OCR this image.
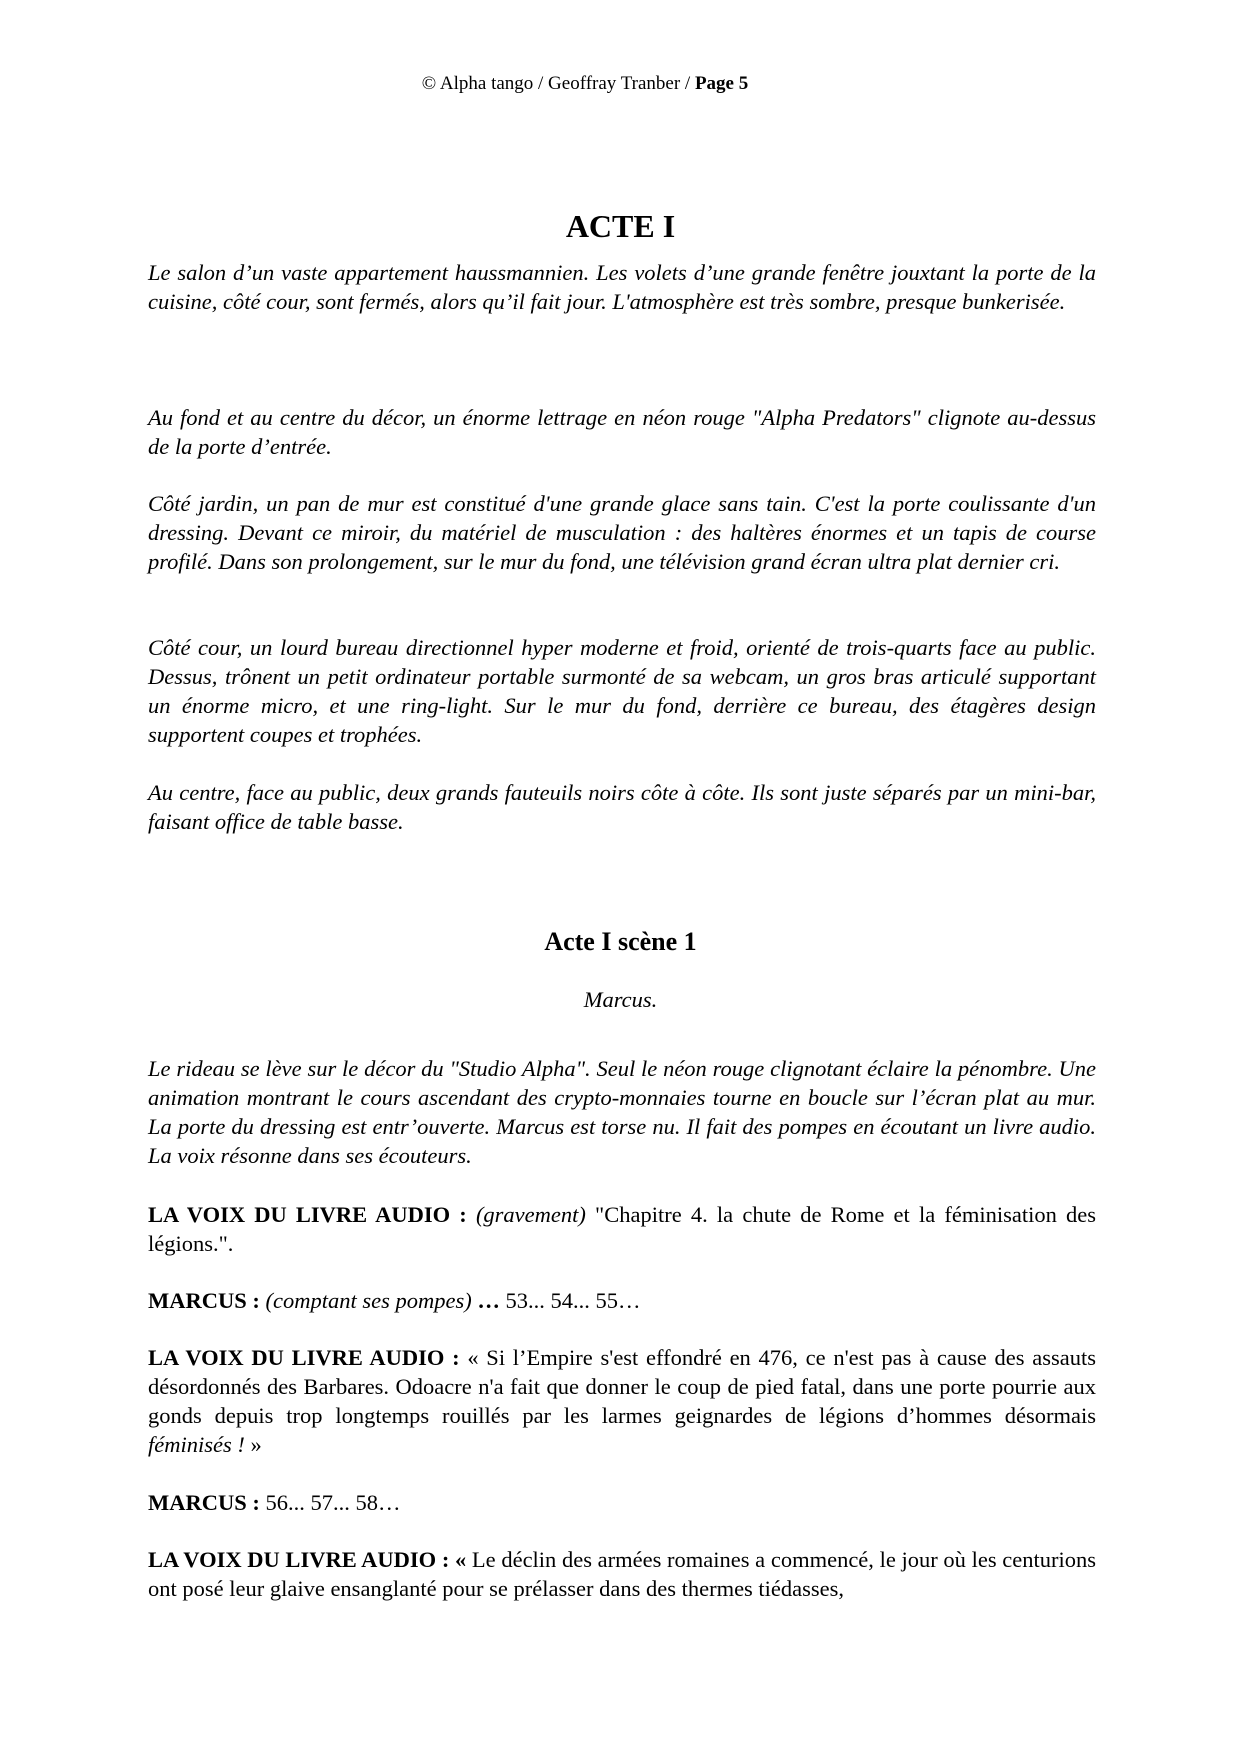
© Alpha tango / Geoffray Tranber / Page 5
ACTE I

Le salon d’un vaste appartement haussmannien. Les volets d’une grande fenêtre jouxtant la porte de la cuisine, côté cour, sont fermés, alors qu’il fait jour. L'atmosphère est très sombre, presque bunkerisée.

Au fond et au centre du décor, un énorme lettrage en néon rouge "Alpha Predators" clignote au-dessus de la porte d’entrée.

Côté jardin, un pan de mur est constitué d'une grande glace sans tain. C'est la porte coulissante d'un dressing. Devant ce miroir, du matériel de musculation : des haltères énormes et un tapis de course profilé. Dans son prolongement, sur le mur du fond, une télévision grand écran ultra plat dernier cri.

Côté cour, un lourd bureau directionnel hyper moderne et froid, orienté de trois-quarts face au public. Dessus, trônent un petit ordinateur portable surmonté de sa webcam, un gros bras articulé supportant un énorme micro, et une ring-light. Sur le mur du fond, derrière ce bureau, des étagères design supportent coupes et trophées.

Au centre, face au public, deux grands fauteuils noirs côte à côte. Ils sont juste séparés par un mini-bar, faisant office de table basse.

Acte I scène 1

Marcus.

Le rideau se lève sur le décor du "Studio Alpha". Seul le néon rouge clignotant éclaire la pénombre. Une animation montrant le cours ascendant des crypto-monnaies tourne en boucle sur l’écran plat au mur. La porte du dressing est entr’ouverte. Marcus est torse nu. Il fait des pompes en écoutant un livre audio. La voix résonne dans ses écouteurs.

LA VOIX DU LIVRE AUDIO : (gravement) "Chapitre 4. la chute de Rome et la féminisation des légions.".

MARCUS : (comptant ses pompes) … 53... 54... 55…

LA VOIX DU LIVRE AUDIO : « Si l’Empire s'est effondré en 476, ce n'est pas à cause des assauts désordonnés des Barbares. Odoacre n'a fait que donner le coup de pied fatal, dans une porte pourrie aux gonds depuis trop longtemps rouillés par les larmes geignardes de légions d’hommes désormais féminisés ! »

MARCUS : 56... 57... 58…

LA VOIX DU LIVRE AUDIO : « Le déclin des armées romaines a commencé, le jour où les centurions ont posé leur glaive ensanglanté pour se prélasser dans des thermes tiédasses,
